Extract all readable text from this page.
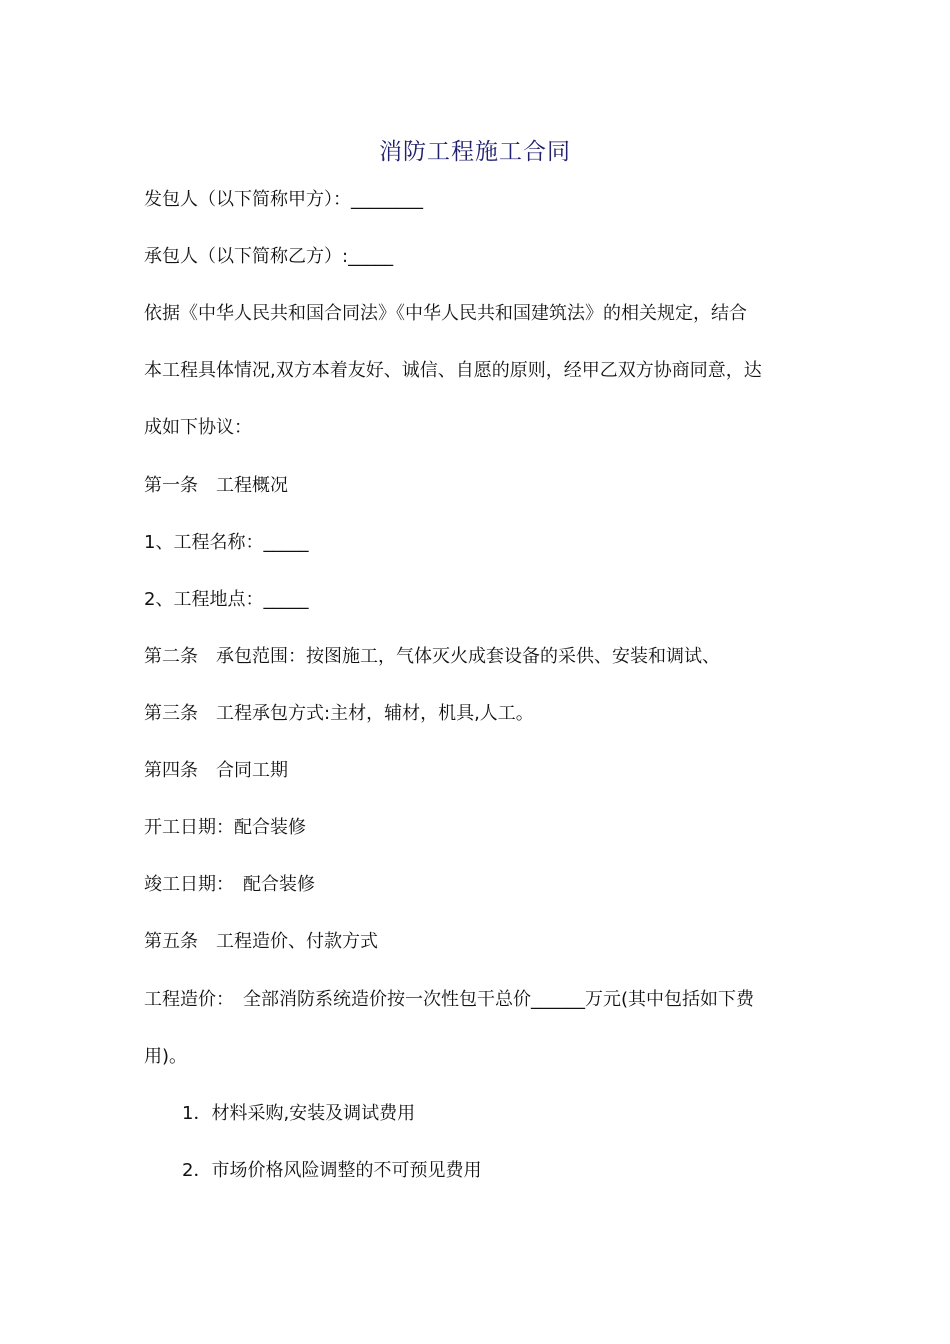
消防工程施工合同
发包人（以下简称甲方）：________
承包人（以下简称乙方）:_____
依据《中华人民共和国合同法》《中华人民共和国建筑法》的相关规定，结合
本工程具体情况,双方本着友好、诚信、自愿的原则，经甲乙双方协商同意，达
成如下协议：
第一条　工程概况
1、工程名称：_____
2、工程地点：_____
第二条　承包范围：按图施工，气体灭火成套设备的采供、安装和调试、
第三条　工程承包方式:主材，辅材，机具,人工。
第四条　合同工期
开工日期：配合装修
竣工日期：　配合装修
第五条　工程造价、付款方式
工程造价：　全部消防系统造价按一次性包干总价______万元(其中包括如下费
用)。
1．材料采购,安装及调试费用
2．市场价格风险调整的不可预见费用
